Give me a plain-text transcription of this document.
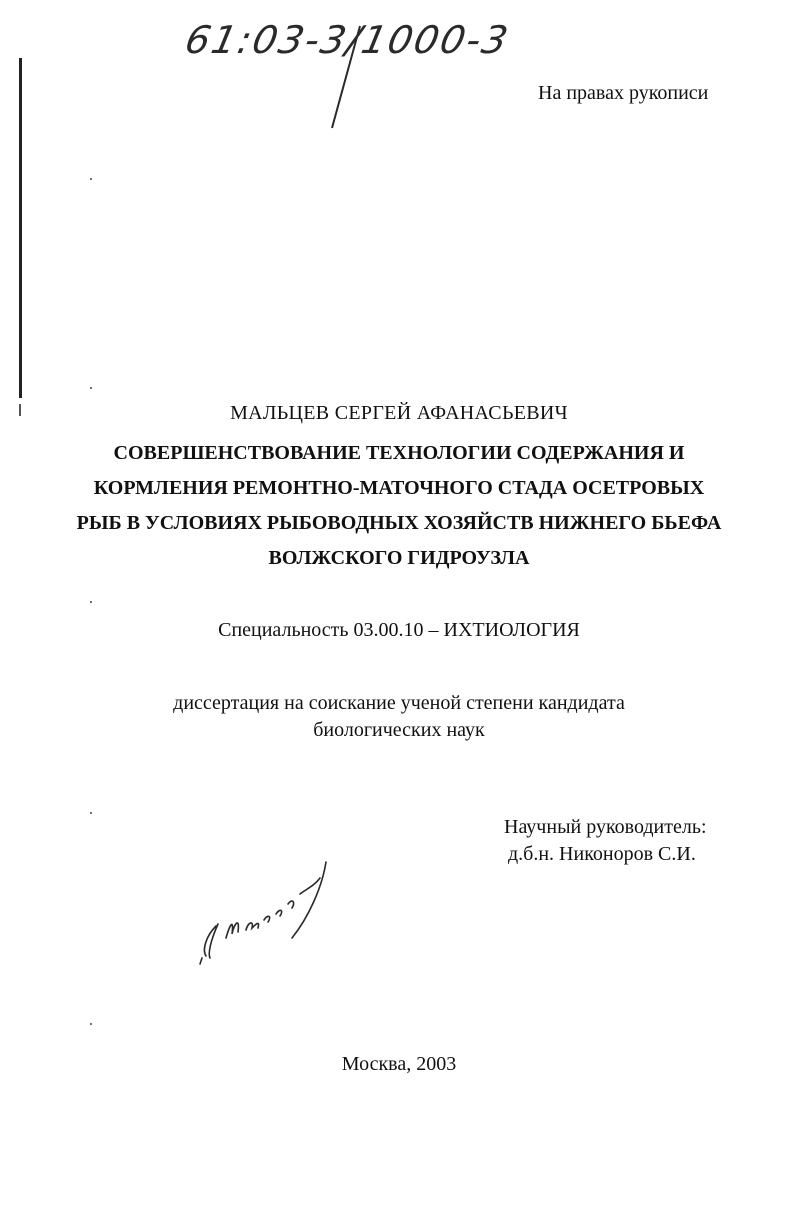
61:03-3/1000-3
На правах рукописи
МАЛЬЦЕВ СЕРГЕЙ АФАНАСЬЕВИЧ
СОВЕРШЕНСТВОВАНИЕ ТЕХНОЛОГИИ СОДЕРЖАНИЯ И
КОРМЛЕНИЯ РЕМОНТНО-МАТОЧНОГО СТАДА ОСЕТРОВЫХ
РЫБ В УСЛОВИЯХ РЫБОВОДНЫХ ХОЗЯЙСТВ НИЖНЕГО БЬЕФА
ВОЛЖСКОГО ГИДРОУЗЛА
Специальность 03.00.10 – ИХТИОЛОГИЯ
диссертация на соискание ученой степени кандидата
биологических наук
Научный руководитель:
д.б.н. Никоноров С.И.
Москва, 2003
